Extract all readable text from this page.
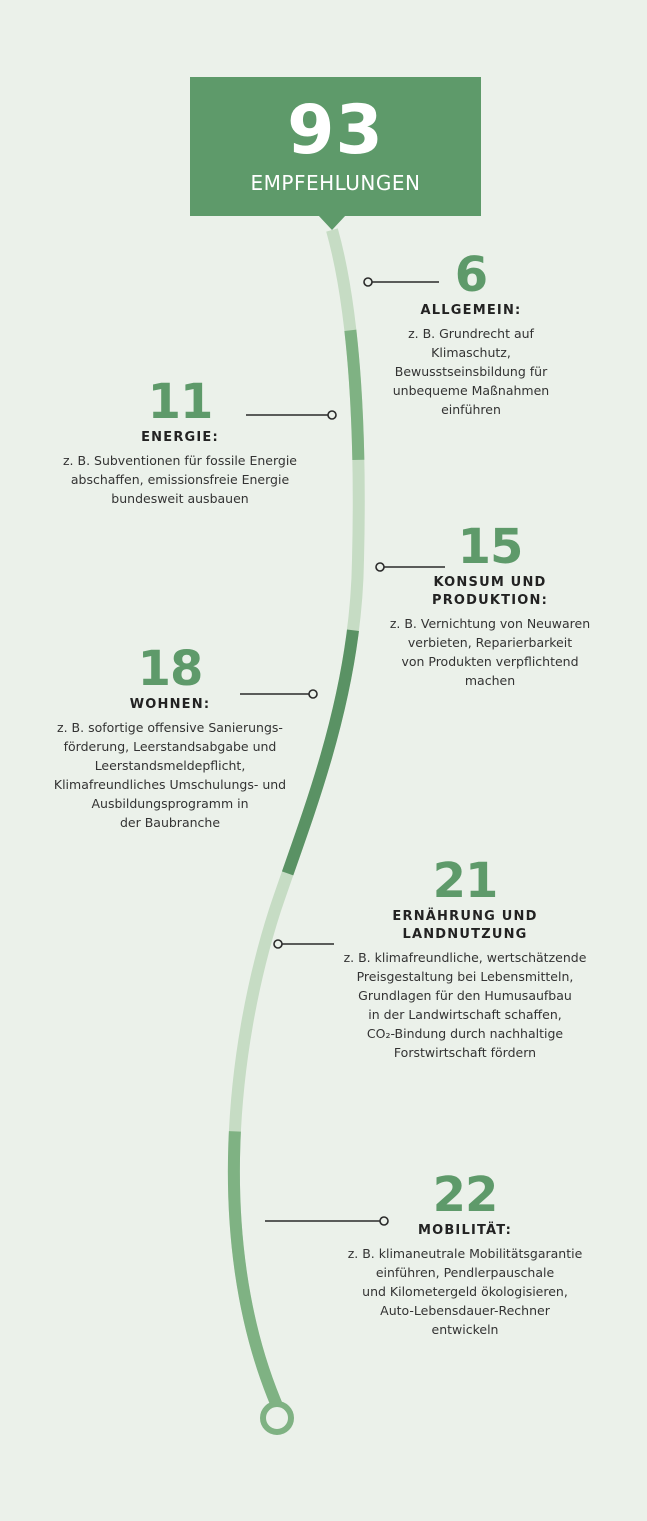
93
EMPFEHLUNGEN
6
ALLGEMEIN:
z. B. Grundrecht auf
Klimaschutz,
Bewusstseinsbildung für
unbequeme Maßnahmen
einführen
11
ENERGIE:
z. B. Subventionen für fossile Energie
abschaffen, emissionsfreie Energie
bundesweit ausbauen
15
KONSUM UND
PRODUKTION:
z. B. Vernichtung von Neuwaren
verbieten, Reparierbarkeit
von Produkten verpflichtend
machen
18
WOHNEN:
z. B. sofortige offensive Sanierungs-
förderung, Leerstandsabgabe und
Leerstandsmeldepflicht,
Klimafreundliches Umschulungs- und
Ausbildungsprogramm in
der Baubranche
21
ERNÄHRUNG UND
LANDNUTZUNG
z. B. klimafreundliche, wertschätzende
Preisgestaltung bei Lebensmitteln,
Grundlagen für den Humusaufbau
in der Landwirtschaft schaffen,
CO₂-Bindung durch nachhaltige
Forstwirtschaft fördern
22
MOBILITÄT:
z. B. klimaneutrale Mobilitätsgarantie
einführen, Pendlerpauschale
und Kilometergeld ökologisieren,
Auto-Lebensdauer-Rechner
entwickeln
